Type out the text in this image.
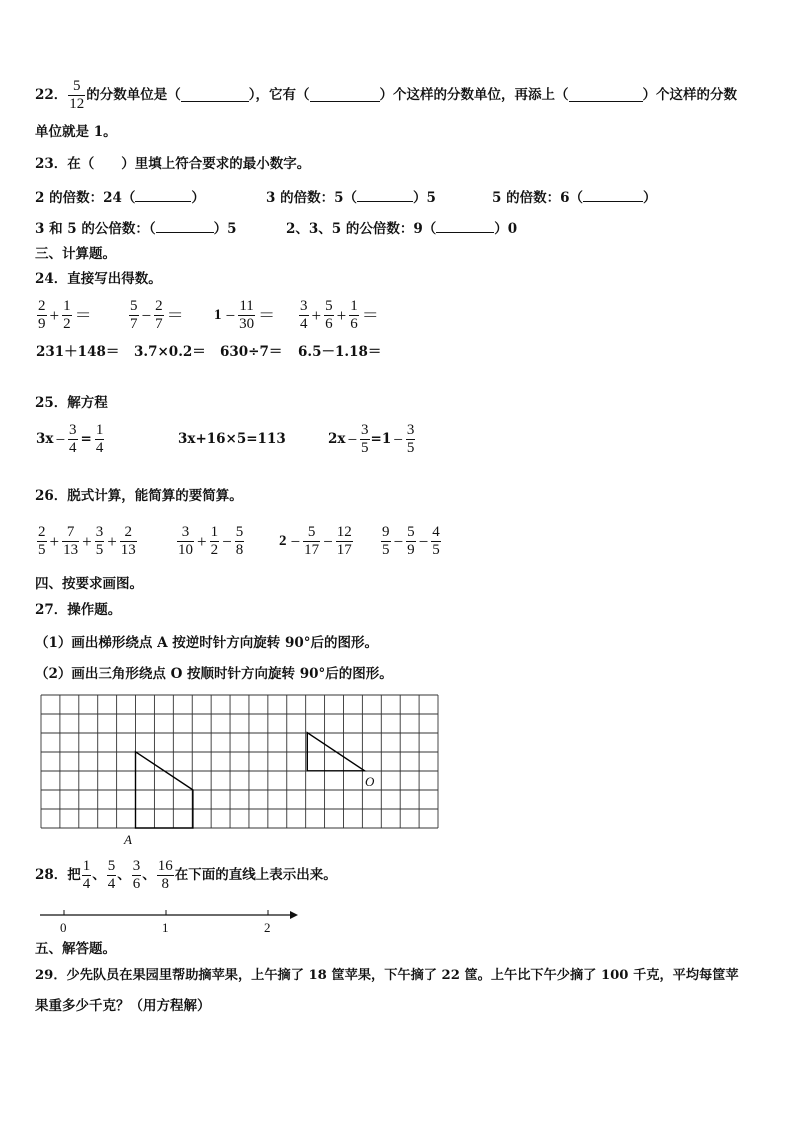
22． $\frac{5}{12}$ 的分数单位是（	），它有（	）个这样的分数单位，再添上（	）个这样的分数
单位就是 1。
23．在（　　）里填上符合要求的最小数字。
2 的倍数：24（	）	3 的倍数：5（	）5	5 的倍数：6（	）
3 和 5 的公倍数：（	）5	2、3、5 的公倍数：9（	）0
三、计算题。
24．直接写出得数。
$\frac{2}{9} + \frac{1}{2} = \frac{5}{7} - \frac{2}{7} = 1 - \frac{11}{30} = \frac{3}{4} + \frac{5}{6} + \frac{1}{6}$ ＝
231＋148＝ 3.7×0.2＝ 630÷7＝ 6.5－1.18＝
25．解方程
$3x - \frac{3}{4} = \frac{1}{4}$	3x+16×5=113	$2x - \frac{3}{5} =1 - \frac{3}{5}$
26．脱式计算，能简算的要简算。
$\frac{2}{5} + \frac{7}{13} + \frac{3}{5} + \frac{2}{13}$	$\frac{3}{10} + \frac{1}{2} - \frac{5}{8} 2 - \frac{5}{17} - \frac{12}{17} \frac{9}{5} - \frac{5}{9} - \frac{4}{5}$
四、按要求画图。
27．操作题。
（1）画出梯形绕点 A 按逆时针方向旋转 90°后的图形。
（2）画出三角形绕点 O 按顺时针方向旋转 90°后的图形。
A
O
28．把 $\frac{1}{4}$ 、 $\frac{5}{4}$ 、 $\frac{3}{6}$ 、 $\frac{16}{8}$ 在下面的直线上表示出来。
0	1	2
五、解答题。
29．少先队员在果园里帮助摘苹果，上午摘了 18 筐苹果，下午摘了 22 筐。上午比下午少摘了 100 千克，平均每筐苹
果重多少千克？（用方程解）
